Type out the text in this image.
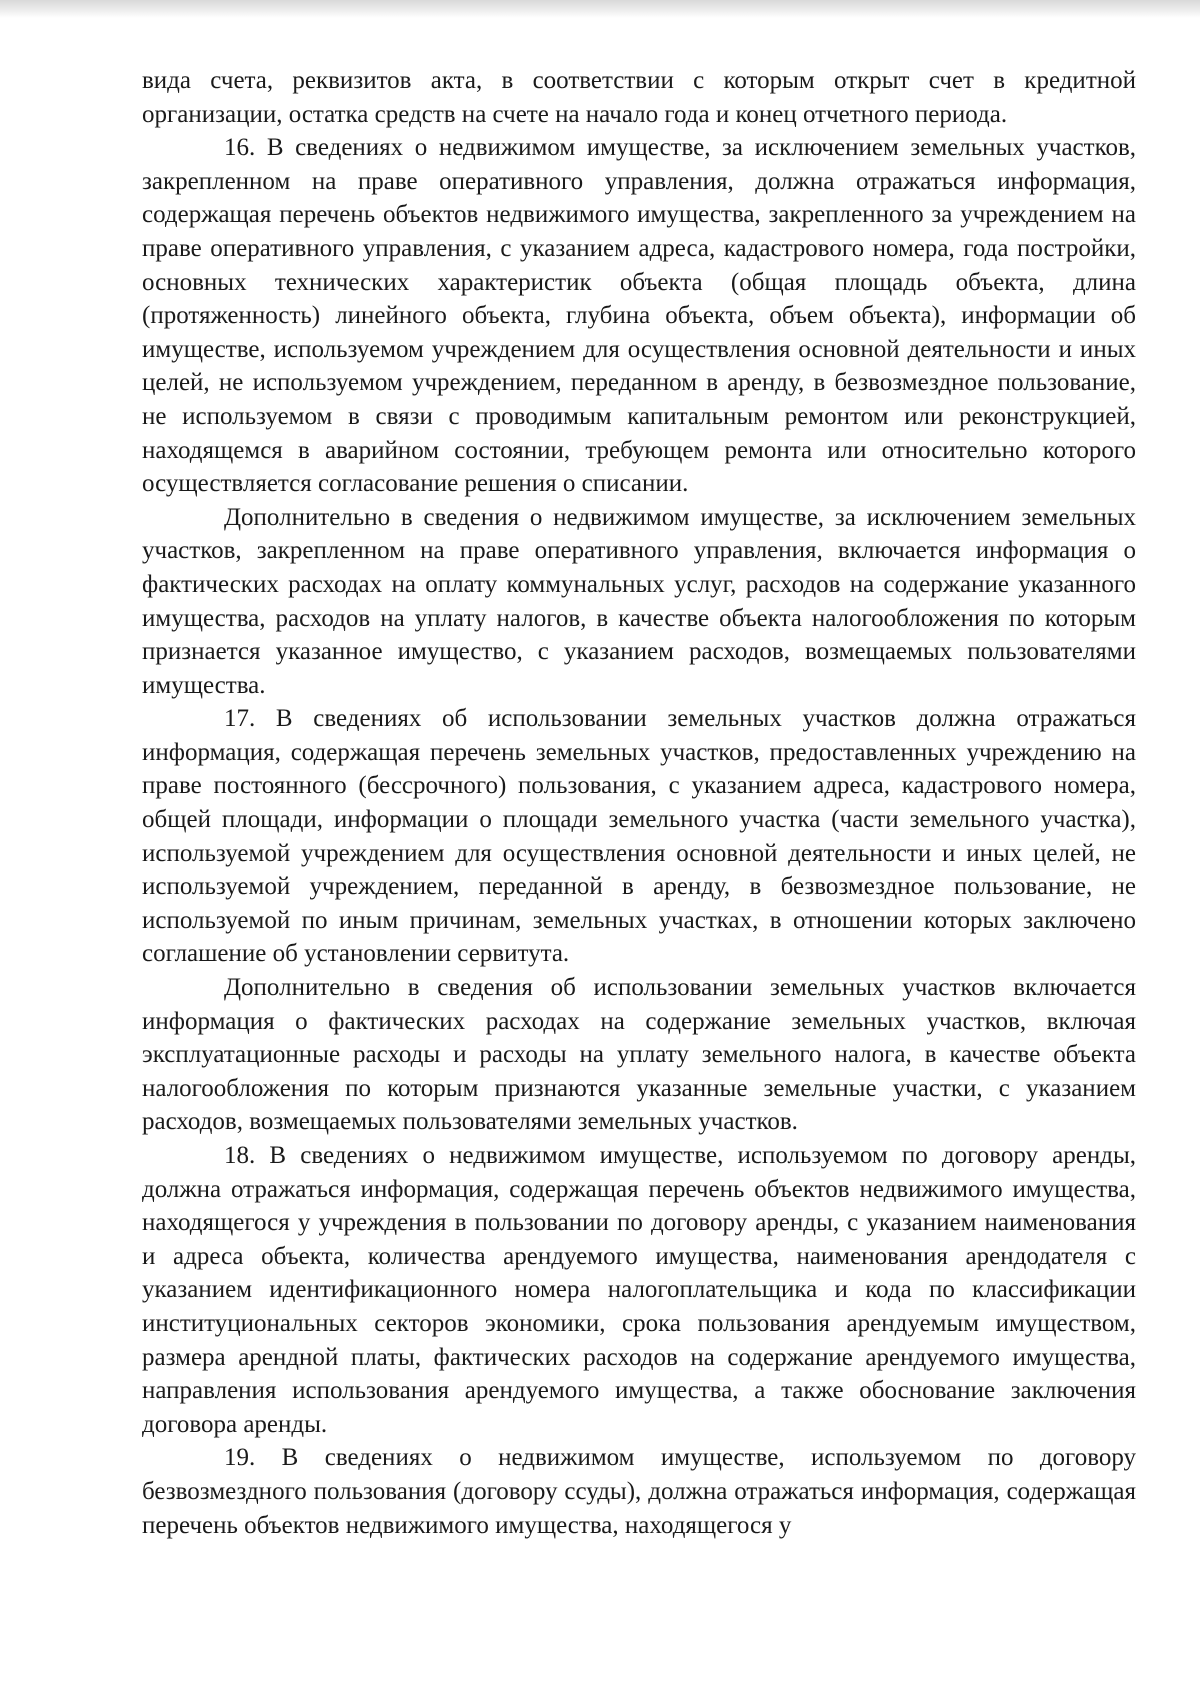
вида счета, реквизитов акта, в соответствии с которым открыт счет в кредитной организации, остатка средств на счете на начало года и конец отчетного периода.

16. В сведениях о недвижимом имуществе, за исключением земельных участков, закрепленном на праве оперативного управления, должна отражаться информация, содержащая перечень объектов недвижимого имущества, закрепленного за учреждением на праве оперативного управления, с указанием адреса, кадастрового номера, года постройки, основных технических характеристик объекта (общая площадь объекта, длина (протяженность) линейного объекта, глубина объекта, объем объекта), информации об имуществе, используемом учреждением для осуществления основной деятельности и иных целей, не используемом учреждением, переданном в аренду, в безвозмездное пользование, не используемом в связи с проводимым капитальным ремонтом или реконструкцией, находящемся в аварийном состоянии, требующем ремонта или относительно которого осуществляется согласование решения о списании.

Дополнительно в сведения о недвижимом имуществе, за исключением земельных участков, закрепленном на праве оперативного управления, включается информация о фактических расходах на оплату коммунальных услуг, расходов на содержание указанного имущества, расходов на уплату налогов, в качестве объекта налогообложения по которым признается указанное имущество, с указанием расходов, возмещаемых пользователями имущества.

17. В сведениях об использовании земельных участков должна отражаться информация, содержащая перечень земельных участков, предоставленных учреждению на праве постоянного (бессрочного) пользования, с указанием адреса, кадастрового номера, общей площади, информации о площади земельного участка (части земельного участка), используемой учреждением для осуществления основной деятельности и иных целей, не используемой учреждением, переданной в аренду, в безвозмездное пользование, не используемой по иным причинам, земельных участках, в отношении которых заключено соглашение об установлении сервитута.

Дополнительно в сведения об использовании земельных участков включается информация о фактических расходах на содержание земельных участков, включая эксплуатационные расходы и расходы на уплату земельного налога, в качестве объекта налогообложения по которым признаются указанные земельные участки, с указанием расходов, возмещаемых пользователями земельных участков.

18. В сведениях о недвижимом имуществе, используемом по договору аренды, должна отражаться информация, содержащая перечень объектов недвижимого имущества, находящегося у учреждения в пользовании по договору аренды, с указанием наименования и адреса объекта, количества арендуемого имущества, наименования арендодателя с указанием идентификационного номера налогоплательщика и кода по классификации институциональных секторов экономики, срока пользования арендуемым имуществом, размера арендной платы, фактических расходов на содержание арендуемого имущества, направления использования арендуемого имущества, а также обоснование заключения договора аренды.

19. В сведениях о недвижимом имуществе, используемом по договору безвозмездного пользования (договору ссуды), должна отражаться информация, содержащая перечень объектов недвижимого имущества, находящегося у
